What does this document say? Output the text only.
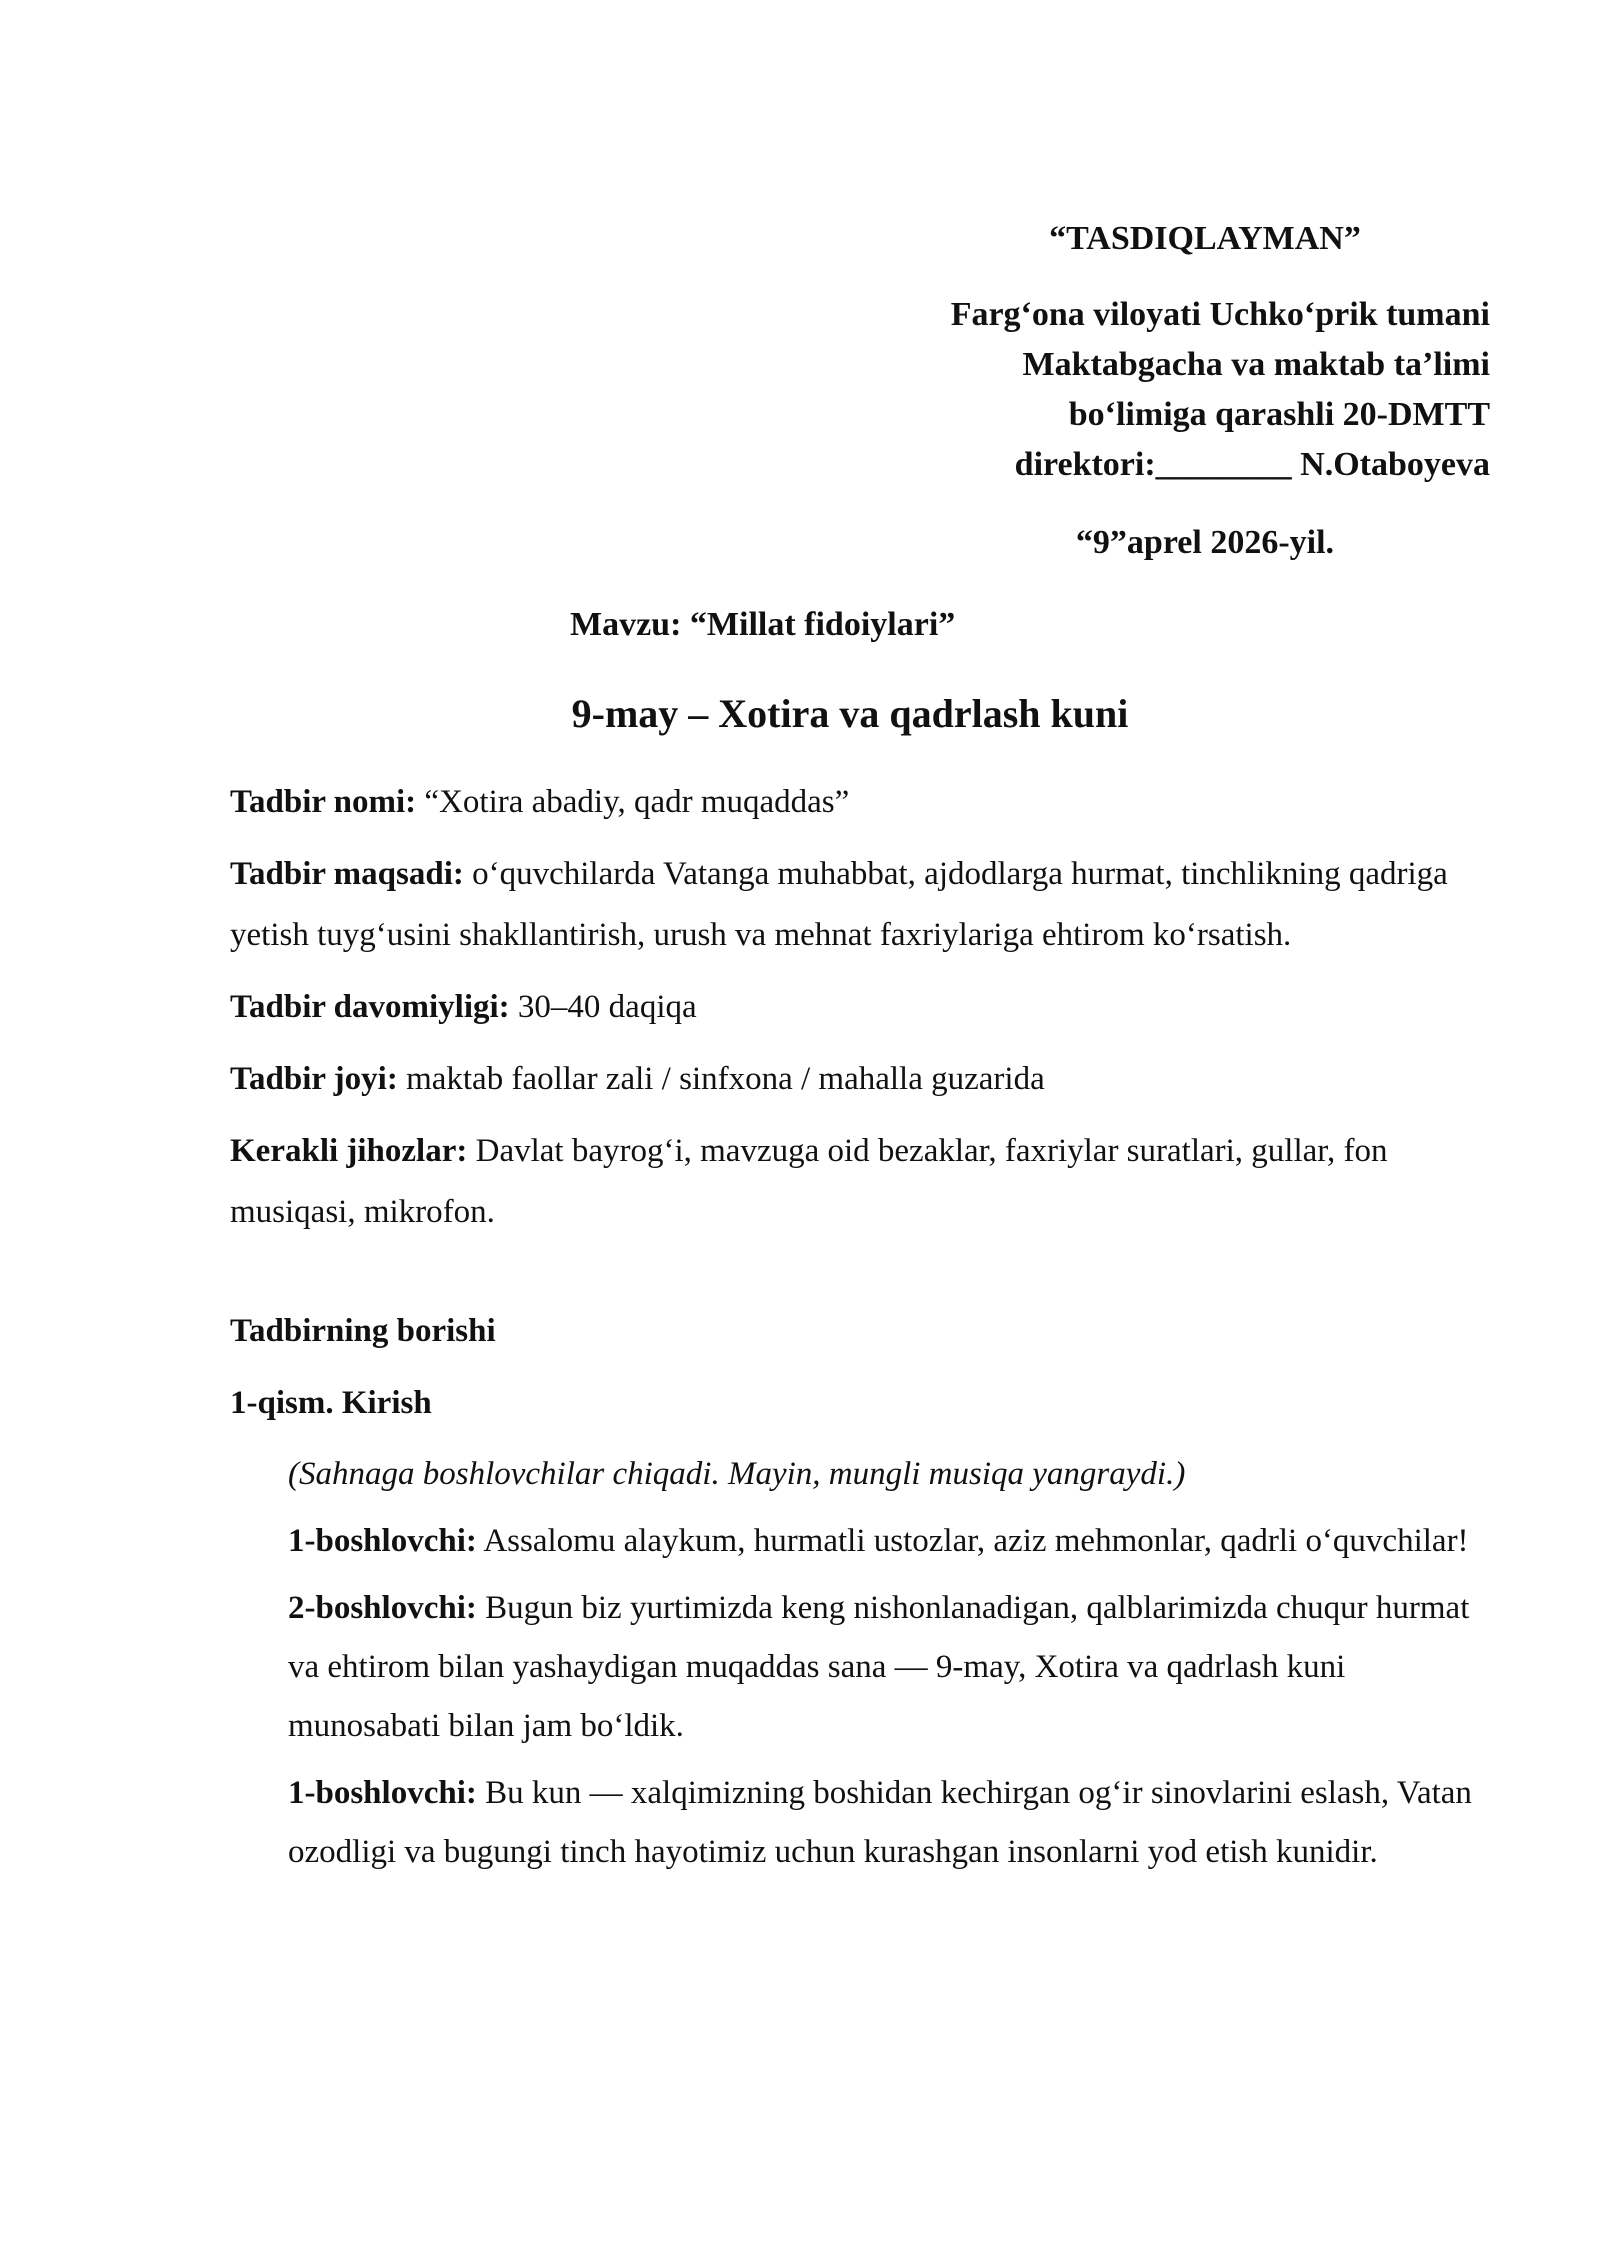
“TASDIQLAYMAN”
Farg‘ona viloyati Uchko‘prik tumani
Maktabgacha va maktab ta’limi
bo‘limiga qarashli 20-DMTT
direktori:________ N.Otaboyeva
“9”aprel 2026-yil.
Mavzu: “Millat fidoiylari”
9-may – Xotira va qadrlash kuni

Tadbir nomi: “Xotira abadiy, qadr muqaddas”

Tadbir maqsadi: o‘quvchilarda Vatanga muhabbat, ajdodlarga hurmat, tinchlikning qadriga yetish tuyg‘usini shakllantirish, urush va mehnat faxriylariga ehtirom ko‘rsatish.

Tadbir davomiyligi: 30–40 daqiqa

Tadbir joyi: maktab faollar zali / sinfxona / mahalla guzarida

Kerakli jihozlar: Davlat bayrog‘i, mavzuga oid bezaklar, faxriylar suratlari, gullar, fon musiqasi, mikrofon.

Tadbirning borishi

1-qism. Kirish

(Sahnaga boshlovchilar chiqadi. Mayin, mungli musiqa yangraydi.)

1-boshlovchi: Assalomu alaykum, hurmatli ustozlar, aziz mehmonlar, qadrli o‘quvchilar!

2-boshlovchi: Bugun biz yurtimizda keng nishonlanadigan, qalblarimizda chuqur hurmat va ehtirom bilan yashaydigan muqaddas sana — 9-may, Xotira va qadrlash kuni munosabati bilan jam bo‘ldik.

1-boshlovchi: Bu kun — xalqimizning boshidan kechirgan og‘ir sinovlarini eslash, Vatan ozodligi va bugungi tinch hayotimiz uchun kurashgan insonlarni yod etish kunidir.
